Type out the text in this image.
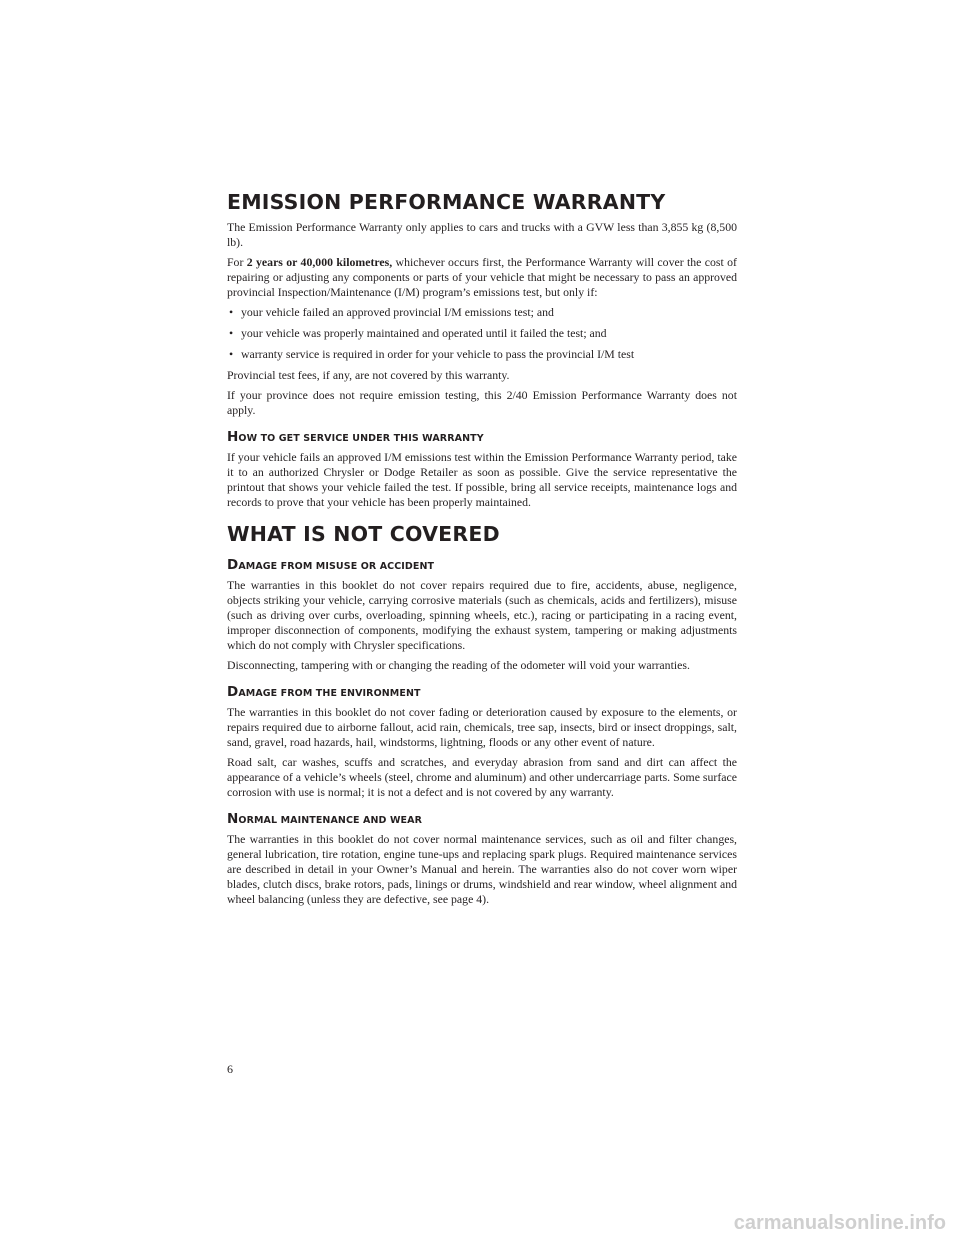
EMISSION PERFORMANCE WARRANTY

The Emission Performance Warranty only applies to cars and trucks with a GVW less than 3,855 kg (8,500 lb).

For 2 years or 40,000 kilometres, whichever occurs first, the Performance Warranty will cover the cost of repairing or adjusting any components or parts of your vehicle that might be necessary to pass an approved provincial Inspection/Maintenance (I/M) program’s emissions test, but only if:

• your vehicle failed an approved provincial I/M emissions test; and
• your vehicle was properly maintained and operated until it failed the test; and
• warranty service is required in order for your vehicle to pass the provincial I/M test

Provincial test fees, if any, are not covered by this warranty.

If your province does not require emission testing, this 2/40 Emission Performance Warranty does not apply.

HOW TO GET SERVICE UNDER THIS WARRANTY

If your vehicle fails an approved I/M emissions test within the Emission Performance Warranty period, take it to an authorized Chrysler or Dodge Retailer as soon as possible. Give the service representative the printout that shows your vehicle failed the test. If possible, bring all service receipts, maintenance logs and records to prove that your vehicle has been properly maintained.

WHAT IS NOT COVERED
DAMAGE FROM MISUSE OR ACCIDENT

The warranties in this booklet do not cover repairs required due to fire, accidents, abuse, negligence, objects striking your vehicle, carrying corrosive materials (such as chemicals, acids and fertilizers), misuse (such as driving over curbs, overloading, spinning wheels, etc.), racing or participating in a racing event, improper disconnection of components, modifying the exhaust system, tampering or making adjustments which do not comply with Chrysler specifications.

Disconnecting, tampering with or changing the reading of the odometer will void your warranties.

DAMAGE FROM THE ENVIRONMENT

The warranties in this booklet do not cover fading or deterioration caused by exposure to the elements, or repairs required due to airborne fallout, acid rain, chemicals, tree sap, insects, bird or insect droppings, salt, sand, gravel, road hazards, hail, windstorms, lightning, floods or any other event of nature.

Road salt, car washes, scuffs and scratches, and everyday abrasion from sand and dirt can affect the appearance of a vehicle’s wheels (steel, chrome and aluminum) and other undercarriage parts. Some surface corrosion with use is normal; it is not a defect and is not covered by any warranty.

NORMAL MAINTENANCE AND WEAR

The warranties in this booklet do not cover normal maintenance services, such as oil and filter changes, general lubrication, tire rotation, engine tune-ups and replacing spark plugs. Required maintenance services are described in detail in your Owner’s Manual and herein. The warranties also do not cover worn wiper blades, clutch discs, brake rotors, pads, linings or drums, windshield and rear window, wheel alignment and wheel balancing (unless they are defective, see page 4).

6
carmanualsonline.info
